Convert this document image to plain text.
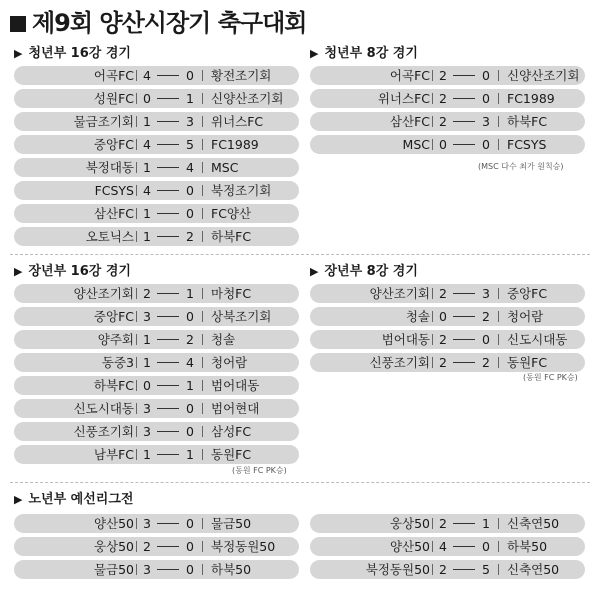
제9회 양산시장기 축구대회
▶ 청년부 16강 경기
어곡FC 4	0 황전조기회
성원FC 0	1 신양산조기회
물금조기회 1	3 위너스FC
중앙FC 4	5 FC1989
북정대동 1	4 MSC
FCSYS 4	0 북정조기회
삼산FC 1	0 FC양산
오토닉스 1	2 하북FC
▶ 청년부 8강 경기
어곡FC 2	0 신양산조기회
위너스FC 2	0 FC1989
삼산FC 2	3 하북FC
MSC 0	0 FCSYS
(MSC 다수 최가 원칙승)
▶ 장년부 16강 경기
양산조기회 2	1 마청FC
중앙FC 3	0 상북조기회
양주회 1	2 청솔
동중3 1	4 청어람
하북FC 0	1 범어대동
신도시대동 3	0 범어현대
신풍조기회 3	0 삼성FC
남부FC 1	1 동원FC
(동원 FC PK승)
▶ 장년부 8강 경기
양산조기회 2	3 중앙FC
청솔 0	2 청어람
범어대동 2	0 신도시대동
신풍조기회 2	2 동원FC
(동원 FC PK승)
▶ 노년부 예선리그전
양산50 3	0 물금50
웅상50 2	0 북정동원50
물금50 3	0 하북50
웅상50 2	1 신축연50
양산50 4	0 하북50
북정동원50 2	5 신축연50
